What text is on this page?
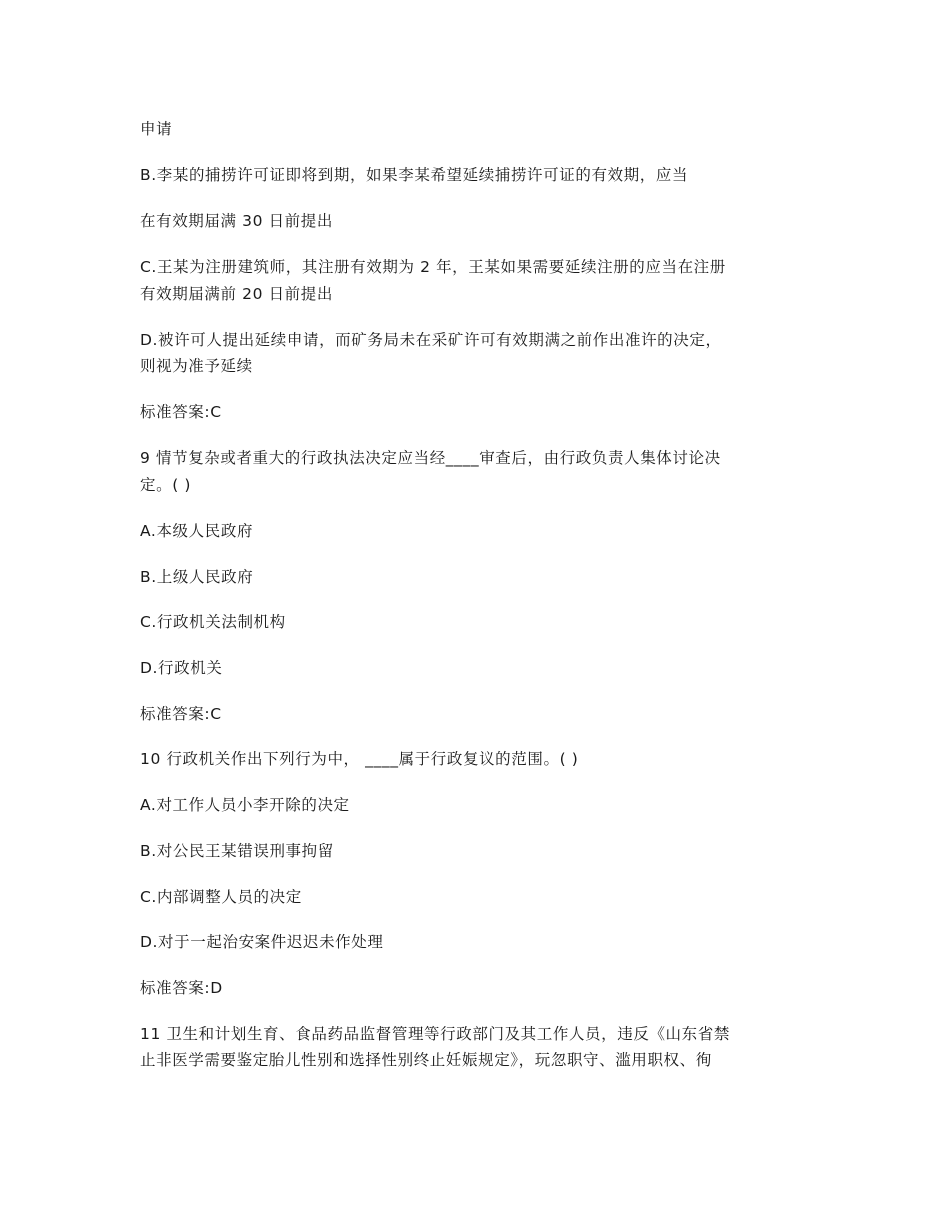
申请
B.李某的捕捞许可证即将到期，如果李某希望延续捕捞许可证的有效期，应当
在有效期届满 30 日前提出
C.王某为注册建筑师，其注册有效期为 2 年，王某如果需要延续注册的应当在注册
有效期届满前 20 日前提出
D.被许可人提出延续申请，而矿务局未在采矿许可有效期满之前作出准许的决定，
则视为准予延续
标准答案:C
9 情节复杂或者重大的行政执法决定应当经____审查后，由行政负责人集体讨论决
定。( )
A.本级人民政府
B.上级人民政府
C.行政机关法制机构
D.行政机关
标准答案:C
10 行政机关作出下列行为中， ____属于行政复议的范围。( )
A.对工作人员小李开除的决定
B.对公民王某错误刑事拘留
C.内部调整人员的决定
D.对于一起治安案件迟迟未作处理
标准答案:D
11 卫生和计划生育、食品药品监督管理等行政部门及其工作人员，违反《山东省禁
止非医学需要鉴定胎儿性别和选择性别终止妊娠规定》，玩忽职守、滥用职权、徇
